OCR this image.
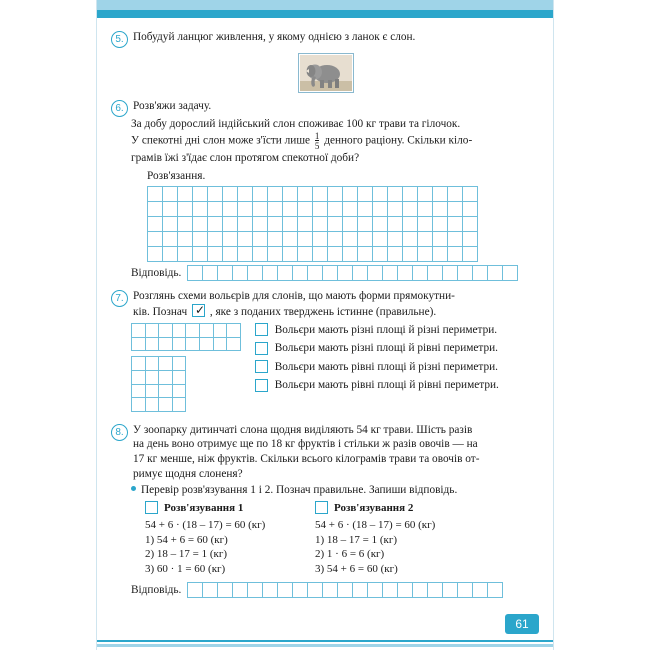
5. Побудуй ланцюг живлення, у якому однією з ланок є слон.
6. Розв'яжи задачу.
За добу дорослий індійський слон споживає 100 кг трави та гілочок.
У спекотні дні слон може з'їсти лише $\frac{1}{5}$ денного раціону. Скільки кіло-
грамів їжі з'їдає слон протягом спекотної доби?
Розв'язання.

Відповідь.

7. Розглянь схеми вольєрів для слонів, що мають форми прямокутни-
ків. Познач ✓ , яке з поданих тверджень істинне (правильне).

Вольєри мають різні площі й різні периметри.
Вольєри мають різні площі й рівні периметри.
Вольєри мають рівні площі й різні периметри.
Вольєри мають рівні площі й рівні периметри.
8. У зоопарку дитинчаті слона щодня виділяють 54 кг трави. Шість разів
на день воно отримує ще по 18 кг фруктів і стільки ж разів овочів — на
17 кг менше, ніж фруктів. Скільки всього кілограмів трави та овочів от-
римує щодня слоненя?
Перевір розв'язування 1 і 2. Познач правильне. Запиши відповідь.
Розв'язування 1
54 + 6 · (18 – 17) = 60 (кг)
1) 54 + 6 = 60 (кг)
2) 18 – 17 = 1 (кг)
3) 60 · 1 = 60 (кг)
Розв'язування 2
54 + 6 · (18 – 17) = 60 (кг)
1) 18 – 17 = 1 (кг)
2) 1 · 6 = 6 (кг)
3) 54 + 6 = 60 (кг)
Відповідь.

61
